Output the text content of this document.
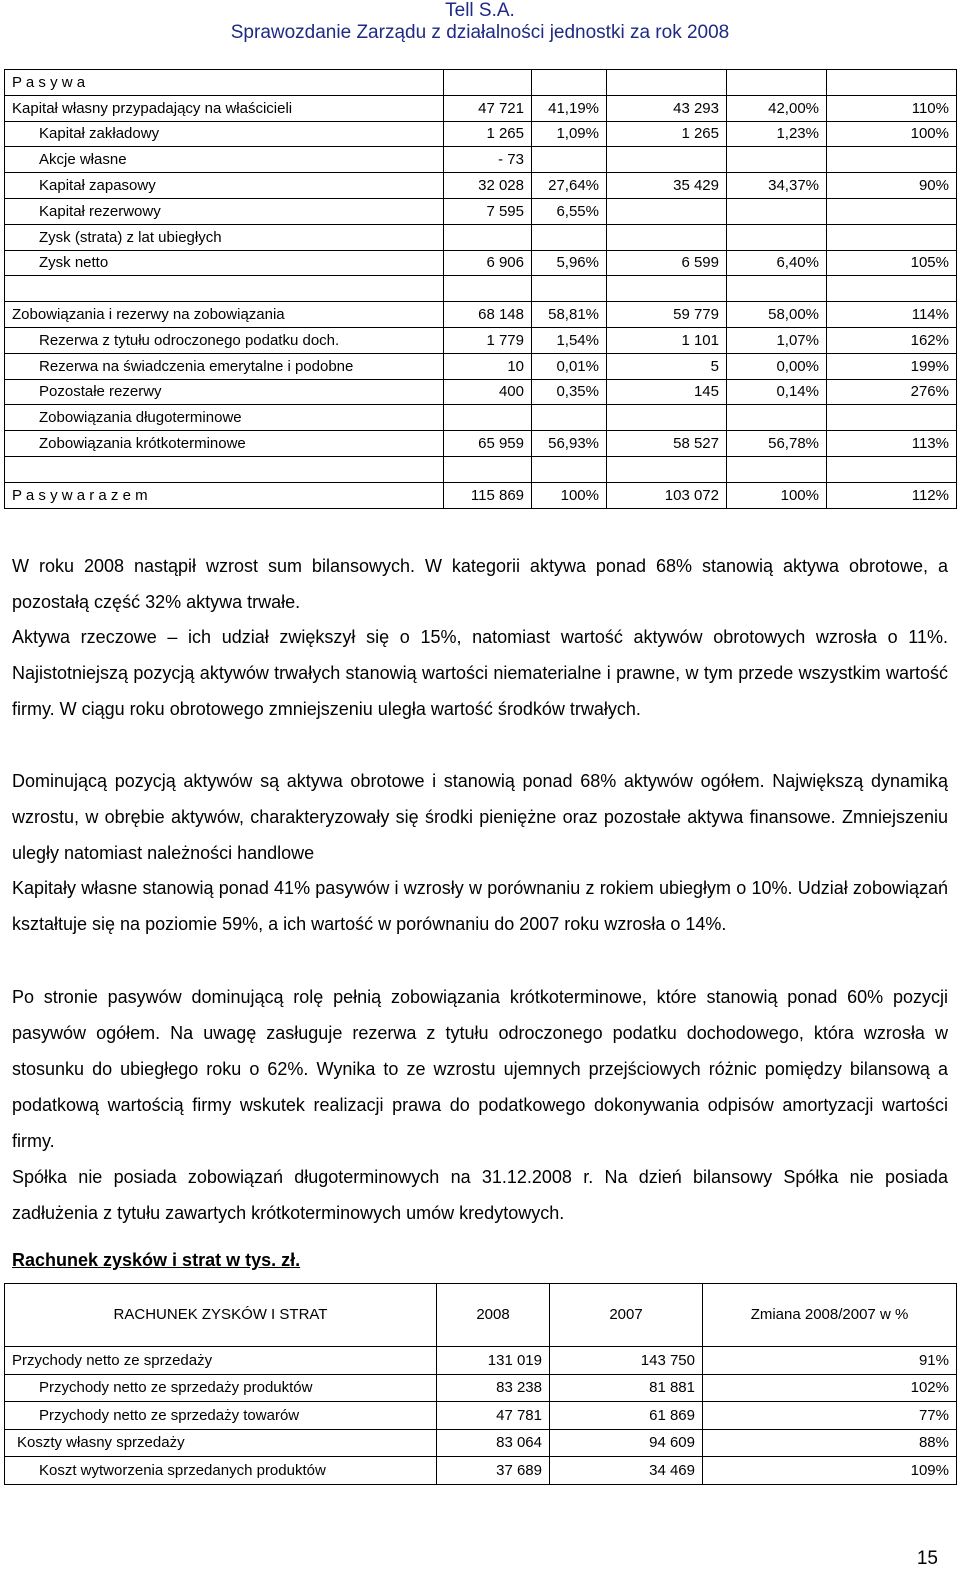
Tell S.A.
Sprawozdanie Zarządu z działalności jednostki za rok 2008
P a s y w a					
Kapitał własny przypadający na właścicieli	47 721	41,19%	43 293	42,00%	110%
Kapitał zakładowy	1 265	1,09%	1 265	1,23%	100%
Akcje własne	- 73				
Kapitał zapasowy	32 028	27,64%	35 429	34,37%	90%
Kapitał rezerwowy	7 595	6,55%			
Zysk (strata) z lat ubiegłych					
Zysk netto	6 906	5,96%	6 599	6,40%	105%

Zobowiązania i rezerwy na zobowiązania	68 148	58,81%	59 779	58,00%	114%
Rezerwa z tytułu odroczonego podatku doch.	1 779	1,54%	1 101	1,07%	162%
Rezerwa na świadczenia emerytalne i podobne	10	0,01%	5	0,00%	199%
Pozostałe rezerwy	400	0,35%	145	0,14%	276%
Zobowiązania długoterminowe					
Zobowiązania krótkoterminowe	65 959	56,93%	58 527	56,78%	113%

P a s y w a r a z e m	115 869	100%	103 072	100%	112%
W roku 2008 nastąpił wzrost sum bilansowych. W kategorii aktywa ponad 68% stanowią aktywa obrotowe, a pozostałą część 32% aktywa trwałe.
Aktywa rzeczowe – ich udział zwiększył się o 15%, natomiast wartość aktywów obrotowych wzrosła o 11%. Najistotniejszą pozycją aktywów trwałych stanowią wartości niematerialne i prawne, w tym przede wszystkim wartość firmy. W ciągu roku obrotowego zmniejszeniu uległa wartość środków trwałych.
Dominującą pozycją aktywów są aktywa obrotowe i stanowią ponad 68% aktywów ogółem. Największą dynamiką wzrostu, w obrębie aktywów, charakteryzowały się środki pieniężne oraz pozostałe aktywa finansowe. Zmniejszeniu uległy natomiast należności handlowe
Kapitały własne stanowią ponad 41% pasywów i wzrosły w porównaniu z rokiem ubiegłym o 10%. Udział zobowiązań kształtuje się na poziomie 59%, a ich wartość w porównaniu do 2007 roku wzrosła o 14%.
Po stronie pasywów dominującą rolę pełnią zobowiązania krótkoterminowe, które stanowią ponad 60% pozycji pasywów ogółem. Na uwagę zasługuje rezerwa z tytułu odroczonego podatku dochodowego, która wzrosła w stosunku do ubiegłego roku o 62%. Wynika to ze wzrostu ujemnych przejściowych różnic pomiędzy bilansową a podatkową wartością firmy wskutek realizacji prawa do podatkowego dokonywania odpisów amortyzacji wartości firmy.
Spółka nie posiada zobowiązań długoterminowych na 31.12.2008 r. Na dzień bilansowy Spółka nie posiada zadłużenia z tytułu zawartych krótkoterminowych umów kredytowych.
Rachunek zysków i strat w tys. zł.
RACHUNEK ZYSKÓW I STRAT	2008	2007	Zmiana 2008/2007 w %
Przychody netto ze sprzedaży	131 019	143 750	91%
Przychody netto ze sprzedaży produktów	83 238	81 881	102%
Przychody netto ze sprzedaży towarów	47 781	61 869	77%
Koszty własny sprzedaży	83 064	94 609	88%
Koszt wytworzenia sprzedanych produktów	37 689	34 469	109%
15
